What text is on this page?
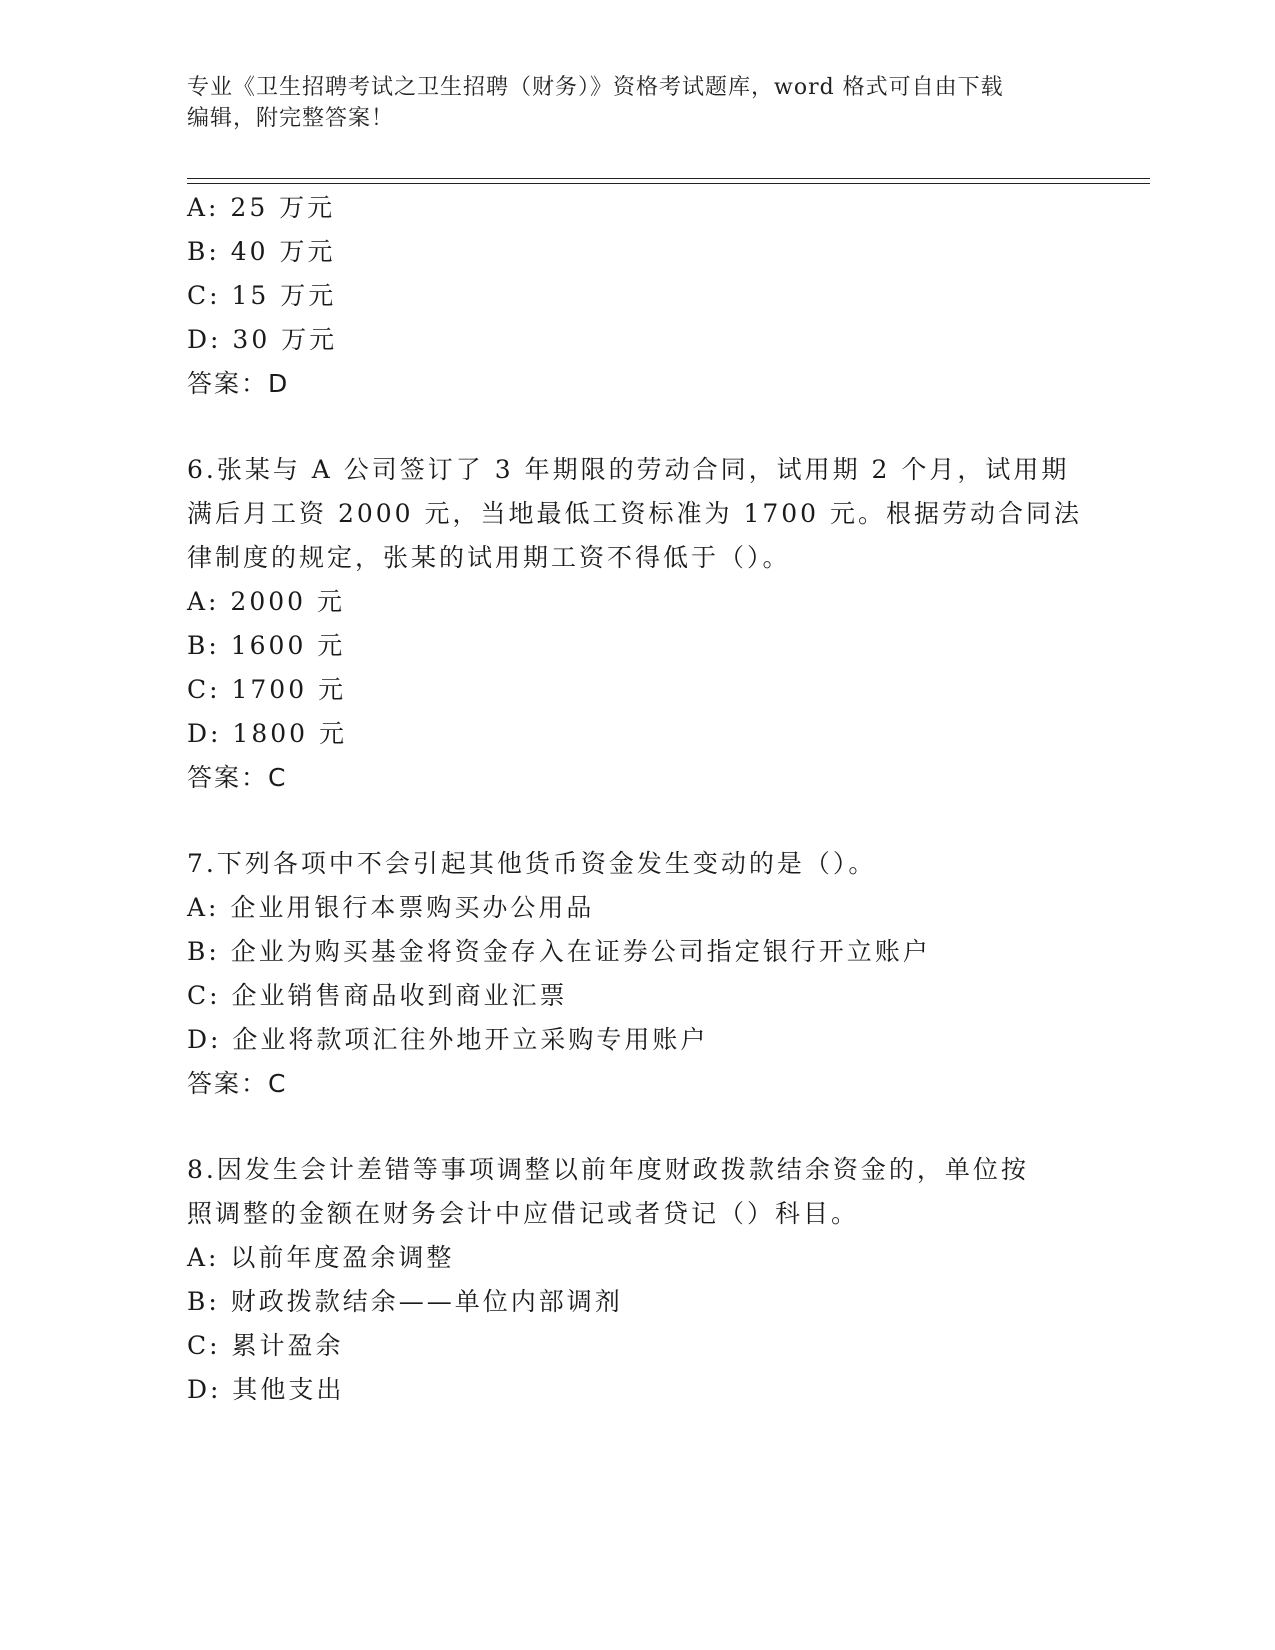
专业《卫生招聘考试之卫生招聘（财务）》资格考试题库，word 格式可自由下载
编辑，附完整答案！
A: 25 万元
B: 40 万元
C: 15 万元
D: 30 万元
答案：D
6.张某与 A 公司签订了 3 年期限的劳动合同，试用期 2 个月，试用期
满后月工资 2000 元，当地最低工资标准为 1700 元。根据劳动合同法
律制度的规定，张某的试用期工资不得低于（）。
A: 2000 元
B: 1600 元
C: 1700 元
D: 1800 元
答案：C
7.下列各项中不会引起其他货币资金发生变动的是（）。
A: 企业用银行本票购买办公用品
B: 企业为购买基金将资金存入在证券公司指定银行开立账户
C: 企业销售商品收到商业汇票
D: 企业将款项汇往外地开立采购专用账户
答案：C
8.因发生会计差错等事项调整以前年度财政拨款结余资金的，单位按
照调整的金额在财务会计中应借记或者贷记（）科目。
A: 以前年度盈余调整
B: 财政拨款结余——单位内部调剂
C: 累计盈余
D: 其他支出
